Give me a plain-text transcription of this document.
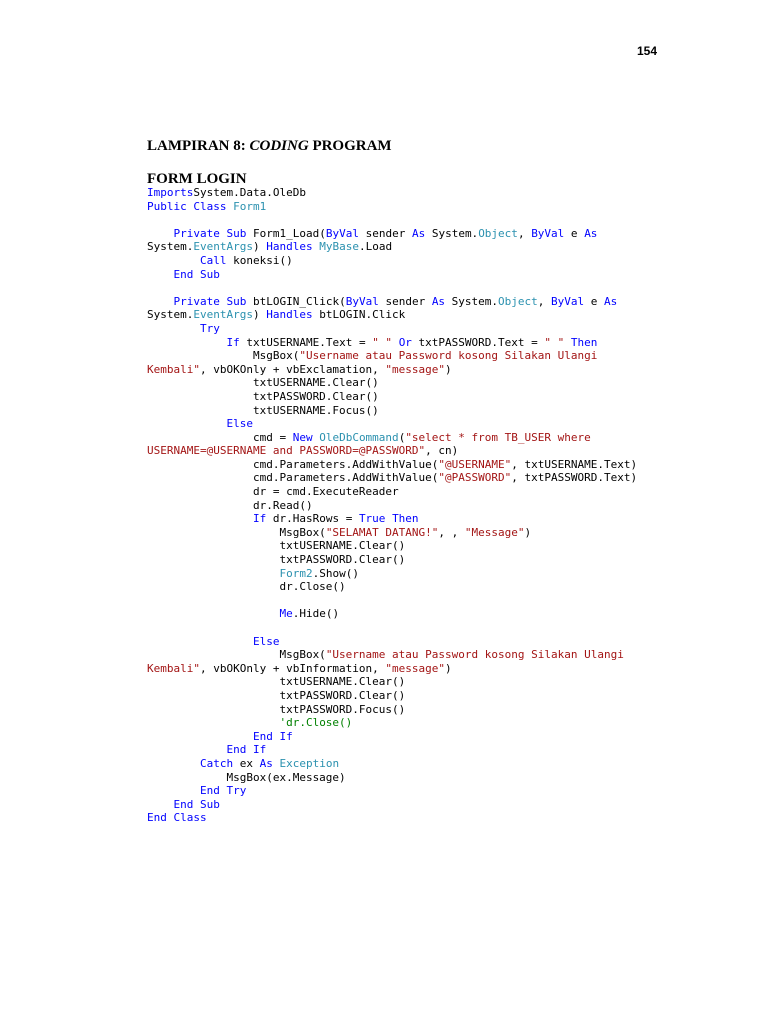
154
LAMPIRAN 8: CODING PROGRAM
FORM LOGIN
ImportsSystem.Data.OleDb
Public Class Form1

Private Sub Form1_Load(ByVal sender As System.Object, ByVal e As
System.EventArgs) Handles MyBase.Load
Call koneksi()
End Sub

Private Sub btLOGIN_Click(ByVal sender As System.Object, ByVal e As
System.EventArgs) Handles btLOGIN.Click
Try
If txtUSERNAME.Text = " " Or txtPASSWORD.Text = " " Then
MsgBox("Username atau Password kosong Silakan Ulangi
Kembali", vbOKOnly + vbExclamation, "message")
txtUSERNAME.Clear()
txtPASSWORD.Clear()
txtUSERNAME.Focus()
Else
cmd = New OleDbCommand("select * from TB_USER where
USERNAME=@USERNAME and PASSWORD=@PASSWORD", cn)
cmd.Parameters.AddWithValue("@USERNAME", txtUSERNAME.Text)
cmd.Parameters.AddWithValue("@PASSWORD", txtPASSWORD.Text)
dr = cmd.ExecuteReader
dr.Read()
If dr.HasRows = True Then
MsgBox("SELAMAT DATANG!", , "Message")
txtUSERNAME.Clear()
txtPASSWORD.Clear()
Form2.Show()
dr.Close()

Me.Hide()

Else
MsgBox("Username atau Password kosong Silakan Ulangi
Kembali", vbOKOnly + vbInformation, "message")
txtUSERNAME.Clear()
txtPASSWORD.Clear()
txtPASSWORD.Focus()
'dr.Close()
End If
End If
Catch ex As Exception
MsgBox(ex.Message)
End Try
End Sub
End Class
